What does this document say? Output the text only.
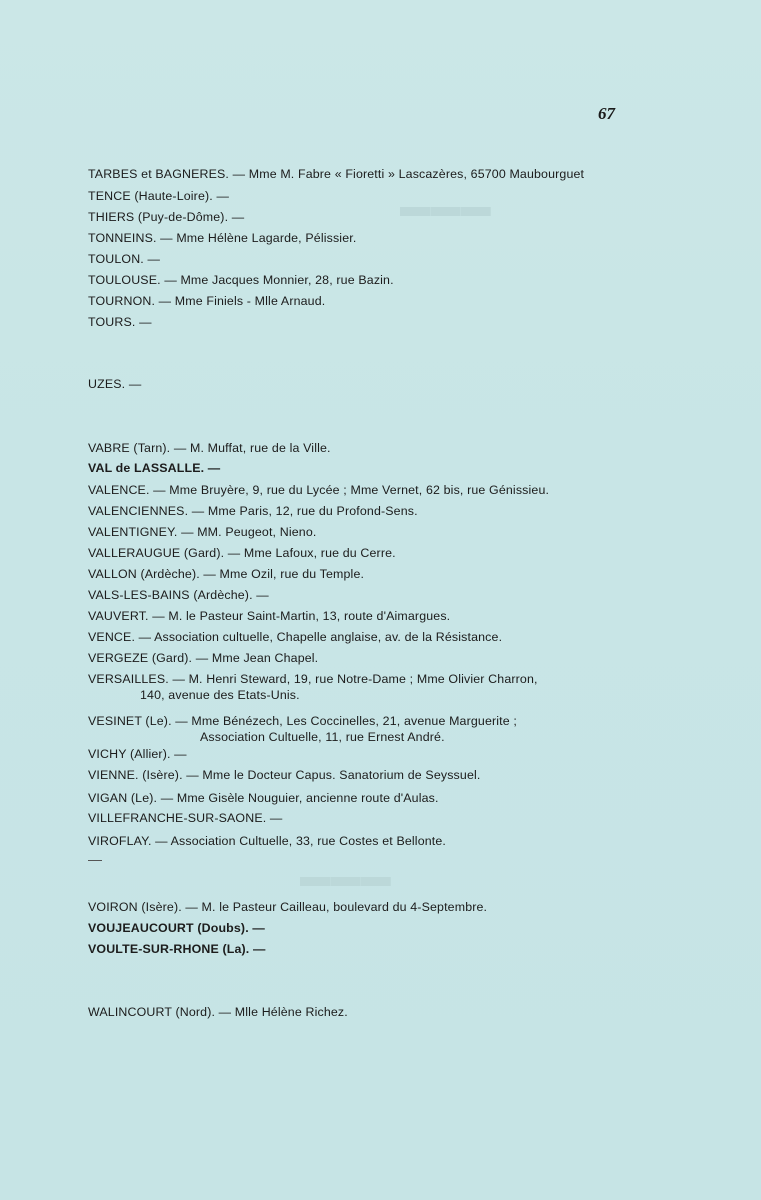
▬▬▬
▬▬▬
67
TARBES et BAGNERES. — Mme M. Fabre « Fioretti » Lascazères, 65700 Maubourguet
TENCE (Haute-Loire). —
THIERS (Puy-de-Dôme). —
TONNEINS. — Mme Hélène Lagarde, Pélissier.
TOULON. —
TOULOUSE. — Mme Jacques Monnier, 28, rue Bazin.
TOURNON. — Mme Finiels - Mlle Arnaud.
TOURS. —
UZES. —
VABRE (Tarn). — M. Muffat, rue de la Ville.
VAL de LASSALLE. —
VALENCE. — Mme Bruyère, 9, rue du Lycée ; Mme Vernet, 62 bis, rue Génissieu.
VALENCIENNES. — Mme Paris, 12, rue du Profond-Sens.
VALENTIGNEY. — MM. Peugeot, Nieno.
VALLERAUGUE (Gard). — Mme Lafoux, rue du Cerre.
VALLON (Ardèche). — Mme Ozil, rue du Temple.
VALS-LES-BAINS (Ardèche). —
VAUVERT. — M. le Pasteur Saint-Martin, 13, route d'Aimargues.
VENCE. — Association cultuelle, Chapelle anglaise, av. de la Résistance.
VERGEZE (Gard). — Mme Jean Chapel.
VERSAILLES. — M. Henri Steward, 19, rue Notre-Dame ; Mme Olivier Charron,
140, avenue des Etats-Unis.
VESINET (Le). — Mme Bénézech, Les Coccinelles, 21, avenue Marguerite ;
Association Cultuelle, 11, rue Ernest André.
VICHY (Allier). —
VIENNE. (Isère). — Mme le Docteur Capus. Sanatorium de Seyssuel.
VIGAN (Le). — Mme Gisèle Nouguier, ancienne route d'Aulas.
VILLEFRANCHE-SUR-SAONE. —
VIROFLAY. — Association Cultuelle, 33, rue Costes et Bellonte.
VOIRON (Isère). — M. le Pasteur Cailleau, boulevard du 4-Septembre.
VOUJEAUCOURT (Doubs). —
VOULTE-SUR-RHONE (La). —
WALINCOURT (Nord). — Mlle Hélène Richez.
